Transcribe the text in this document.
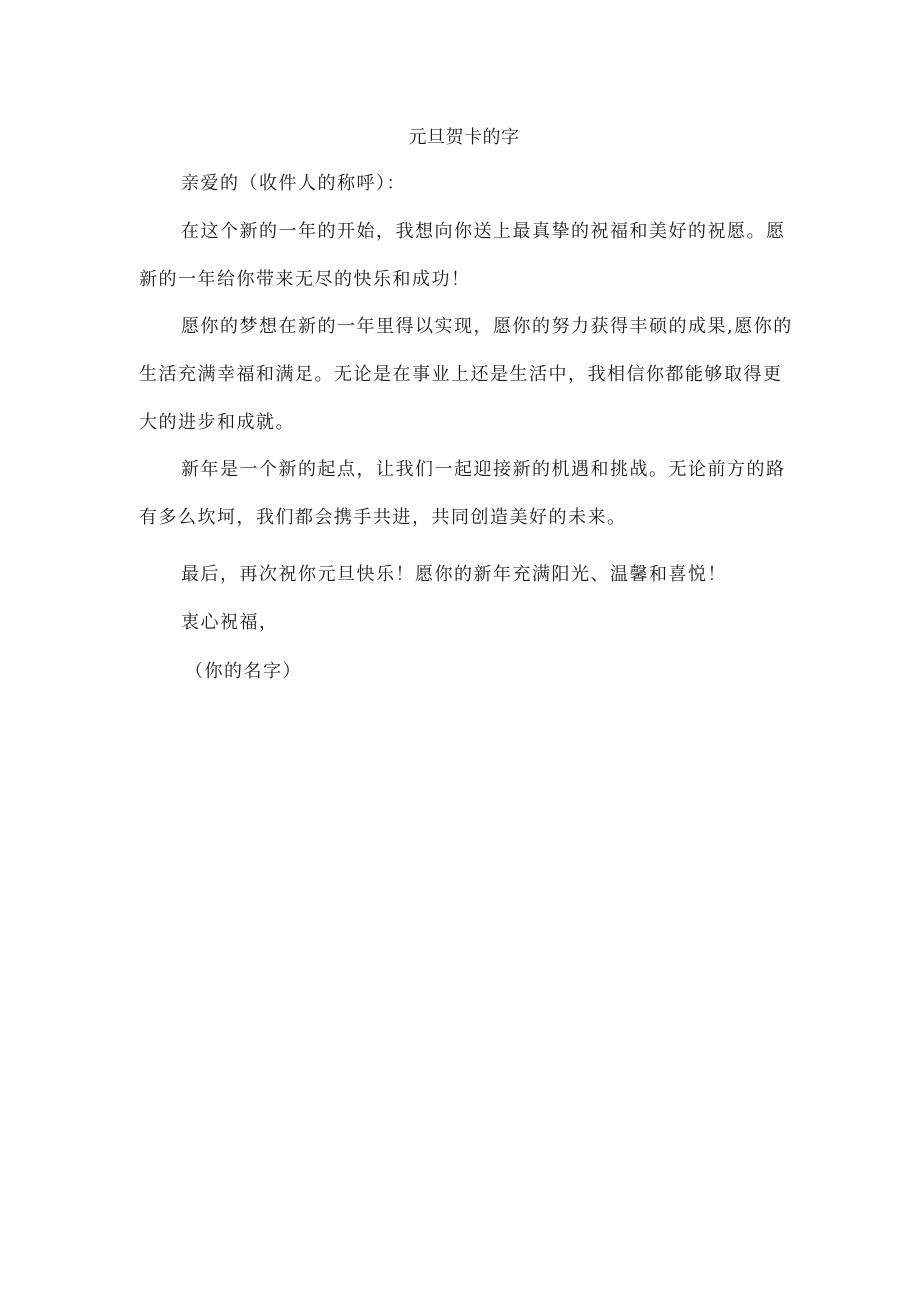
元旦贺卡的字

亲爱的（收件人的称呼）：

在这个新的一年的开始，我想向你送上最真挚的祝福和美好的祝愿。愿新的一年给你带来无尽的快乐和成功！

愿你的梦想在新的一年里得以实现，愿你的努力获得丰硕的成果,愿你的生活充满幸福和满足。无论是在事业上还是生活中，我相信你都能够取得更大的进步和成就。

新年是一个新的起点，让我们一起迎接新的机遇和挑战。无论前方的路有多么坎坷，我们都会携手共进，共同创造美好的未来。

最后，再次祝你元旦快乐！愿你的新年充满阳光、温馨和喜悦！

衷心祝福，

（你的名字）
